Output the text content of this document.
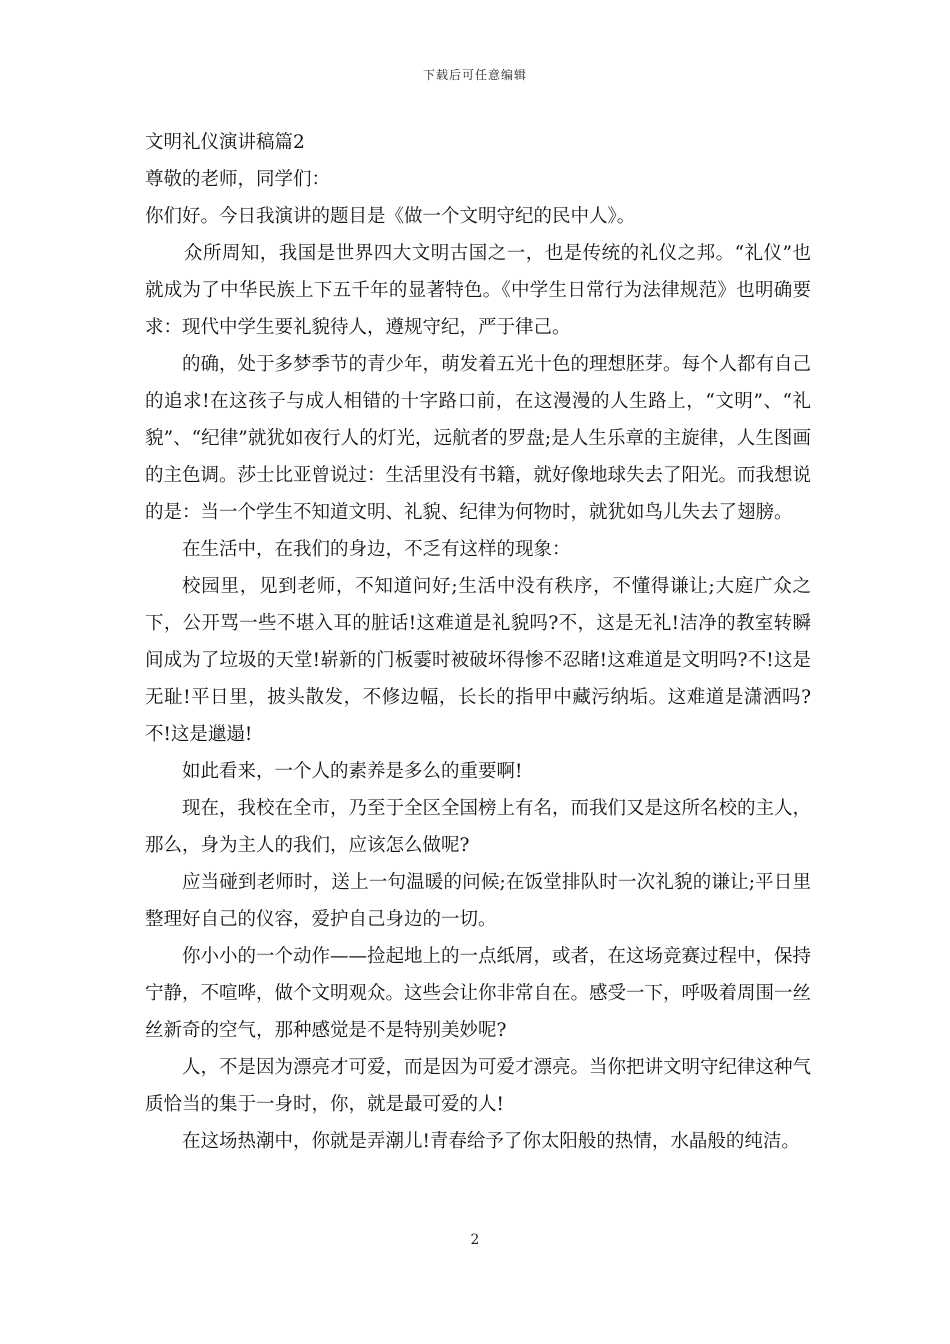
下载后可任意编辑

文明礼仪演讲稿篇2

尊敬的老师，同学们：

你们好。今日我演讲的题目是《做一个文明守纪的民中人》。

众所周知，我国是世界四大文明古国之一，也是传统的礼仪之邦。“礼仪”也就成为了中华民族上下五千年的显著特色。《中学生日常行为法律规范》也明确要求：现代中学生要礼貌待人，遵规守纪，严于律己。

的确，处于多梦季节的青少年，萌发着五光十色的理想胚芽。每个人都有自己的追求!在这孩子与成人相错的十字路口前，在这漫漫的人生路上，“文明”、“礼貌”、“纪律”就犹如夜行人的灯光，远航者的罗盘;是人生乐章的主旋律，人生图画的主色调。莎士比亚曾说过：生活里没有书籍，就好像地球失去了阳光。而我想说的是：当一个学生不知道文明、礼貌、纪律为何物时，就犹如鸟儿失去了翅膀。

在生活中，在我们的身边，不乏有这样的现象：

校园里，见到老师，不知道问好;生活中没有秩序，不懂得谦让;大庭广众之下，公开骂一些不堪入耳的脏话!这难道是礼貌吗?不，这是无礼!洁净的教室转瞬间成为了垃圾的天堂!崭新的门板霎时被破坏得惨不忍睹!这难道是文明吗?不!这是无耻!平日里，披头散发，不修边幅，长长的指甲中藏污纳垢。这难道是潇洒吗?不!这是邋遢!

如此看来，一个人的素养是多么的重要啊!

现在，我校在全市，乃至于全区全国榜上有名，而我们又是这所名校的主人，那么，身为主人的我们，应该怎么做呢?

应当碰到老师时，送上一句温暖的问候;在饭堂排队时一次礼貌的谦让;平日里整理好自己的仪容，爱护自己身边的一切。

你小小的一个动作——捡起地上的一点纸屑，或者，在这场竞赛过程中，保持宁静，不喧哗，做个文明观众。这些会让你非常自在。感受一下，呼吸着周围一丝丝新奇的空气，那种感觉是不是特别美妙呢?

人，不是因为漂亮才可爱，而是因为可爱才漂亮。当你把讲文明守纪律这种气质恰当的集于一身时，你，就是最可爱的人!

在这场热潮中，你就是弄潮儿!青春给予了你太阳般的热情，水晶般的纯洁。

2
